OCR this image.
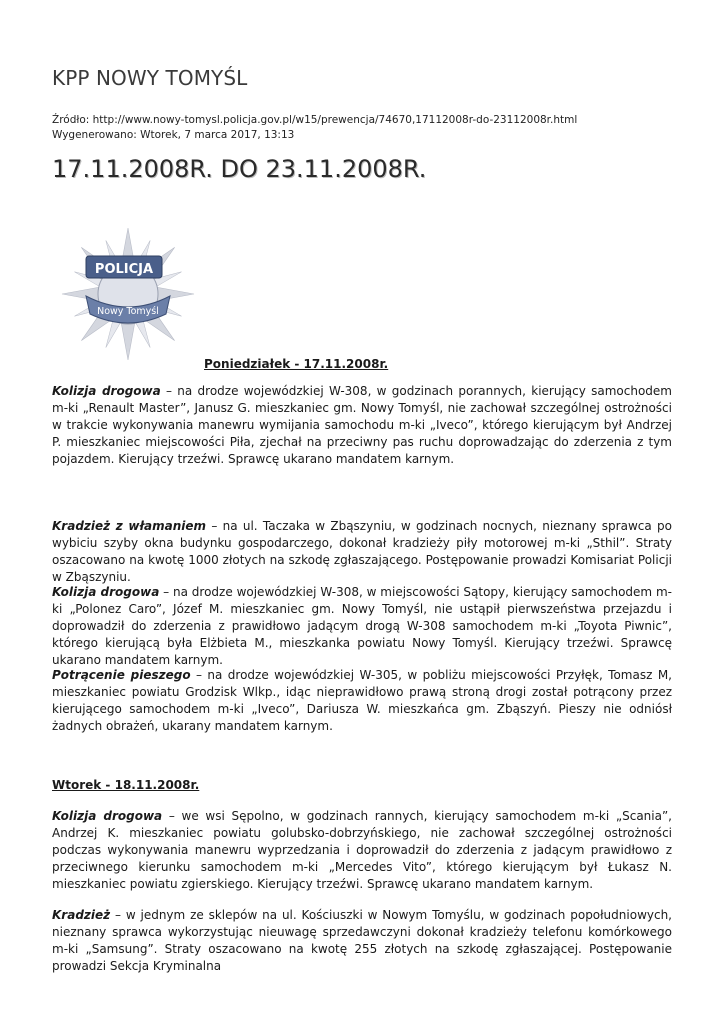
KPP NOWY TOMYŚL
Źródło: http://www.nowy-tomysl.policja.gov.pl/w15/prewencja/74670,17112008r-do-23112008r.html
Wygenerowano: Wtorek, 7 marca 2017, 13:13
17.11.2008R. DO 23.11.2008R.
POLICJA
Nowy Tomyśl

Poniedziałek - 17.11.2008r.

Kolizja drogowa – na drodze wojewódzkiej W-308, w godzinach porannych, kierujący samochodem m-ki „Renault Master”, Janusz G. mieszkaniec gm. Nowy Tomyśl, nie zachował szczególnej ostrożności w trakcie wykonywania manewru wymijania samochodu m-ki „Iveco”, którego kierującym był Andrzej P. mieszkaniec miejscowości Piła, zjechał na przeciwny pas ruchu doprowadzając do zderzenia z tym pojazdem. Kierujący trzeźwi. Sprawcę ukarano mandatem karnym.

Kradzież z włamaniem – na ul. Taczaka w Zbąszyniu, w godzinach nocnych, nieznany sprawca po wybiciu szyby okna budynku gospodarczego, dokonał kradzieży piły motorowej m-ki „Sthil”. Straty oszacowano na kwotę 1000 złotych na szkodę zgłaszającego. Postępowanie prowadzi Komisariat Policji w Zbąszyniu.

Kolizja drogowa – na drodze wojewódzkiej W-308, w miejscowości Sątopy, kierujący samochodem m-ki „Polonez Caro”, Józef M. mieszkaniec gm. Nowy Tomyśl, nie ustąpił pierwszeństwa przejazdu i doprowadził do zderzenia z prawidłowo jadącym drogą W-308 samochodem m-ki „Toyota Piwnic”, którego kierującą była Elżbieta M., mieszkanka powiatu Nowy Tomyśl. Kierujący trzeźwi. Sprawcę ukarano mandatem karnym.

Potrącenie pieszego – na drodze wojewódzkiej W-305, w pobliżu miejscowości Przyłęk, Tomasz M, mieszkaniec powiatu Grodzisk Wlkp., idąc nieprawidłowo prawą stroną drogi został potrącony przez kierującego samochodem m-ki „Iveco”, Dariusza W. mieszkańca gm. Zbąszyń. Pieszy nie odniósł żadnych obrażeń, ukarany mandatem karnym.

Wtorek - 18.11.2008r.

Kolizja drogowa – we wsi Sępolno, w godzinach rannych, kierujący samochodem m-ki „Scania”, Andrzej K. mieszkaniec powiatu golubsko-dobrzyńskiego, nie zachował szczególnej ostrożności podczas wykonywania manewru wyprzedzania i doprowadził do zderzenia z jadącym prawidłowo z przeciwnego kierunku samochodem m-ki „Mercedes Vito”, którego kierującym był Łukasz N. mieszkaniec powiatu zgierskiego. Kierujący trzeźwi. Sprawcę ukarano mandatem karnym.

Kradzież – w jednym ze sklepów na ul. Kościuszki w Nowym Tomyślu, w godzinach popołudniowych, nieznany sprawca wykorzystując nieuwagę sprzedawczyni dokonał kradzieży telefonu komórkowego m-ki „Samsung”. Straty oszacowano na kwotę 255 złotych na szkodę zgłaszającej. Postępowanie prowadzi Sekcja Kryminalna
